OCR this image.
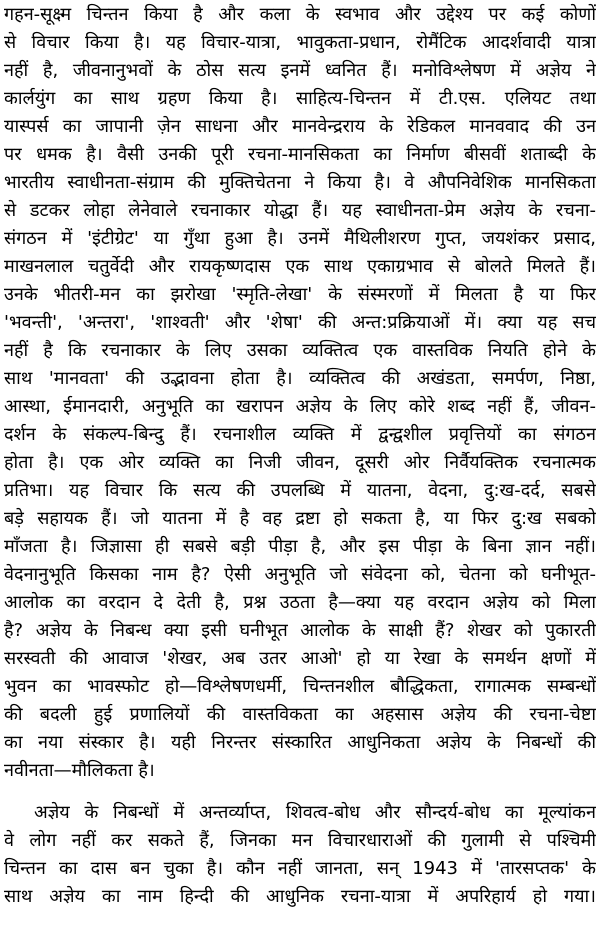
गहन-सूक्ष्म चिन्तन किया है और कला के स्वभाव और उद्देश्य पर कई कोणों
से विचार किया है। यह विचार-यात्रा, भावुकता-प्रधान, रोमैंटिक आदर्शवादी यात्रा
नहीं है, जीवनानुभवों के ठोस सत्य इनमें ध्वनित हैं। मनोविश्लेषण में अज्ञेय ने
कार्लयुंग का साथ ग्रहण किया है। साहित्य-चिन्तन में टी.एस. एलियट तथा
यास्पर्स का जापानी ज़ेन साधना और मानवेन्द्रराय के रेडिकल मानववाद की उन
पर धमक है। वैसी उनकी पूरी रचना-मानसिकता का निर्माण बीसवीं शताब्दी के
भारतीय स्वाधीनता-संग्राम की मुक्तिचेतना ने किया है। वे औपनिवेशिक मानसिकता
से डटकर लोहा लेनेवाले रचनाकार योद्धा हैं। यह स्वाधीनता-प्रेम अज्ञेय के रचना-
संगठन में 'इंटीग्रेट' या गुँथा हुआ है। उनमें मैथिलीशरण गुप्त, जयशंकर प्रसाद,
माखनलाल चतुर्वेदी और रायकृष्णदास एक साथ एकाग्रभाव से बोलते मिलते हैं।
उनके भीतरी-मन का झरोखा 'स्मृति-लेखा' के संस्मरणों में मिलता है या फिर
'भवन्ती', 'अन्तरा', 'शाश्वती' और 'शेषा' की अन्त:प्रक्रियाओं में। क्या यह सच
नहीं है कि रचनाकार के लिए उसका व्यक्तित्व एक वास्तविक नियति होने के
साथ 'मानवता' की उद्भावना होता है। व्यक्तित्व की अखंडता, समर्पण, निष्ठा,
आस्था, ईमानदारी, अनुभूति का खरापन अज्ञेय के लिए कोरे शब्द नहीं हैं, जीवन-
दर्शन के संकल्प-बिन्दु हैं। रचनाशील व्यक्ति में द्वन्द्वशील प्रवृत्तियों का संगठन
होता है। एक ओर व्यक्ति का निजी जीवन, दूसरी ओर निर्वैयक्तिक रचनात्मक
प्रतिभा। यह विचार कि सत्य की उपलब्धि में यातना, वेदना, दु:ख-दर्द, सबसे
बड़े सहायक हैं। जो यातना में है वह द्रष्टा हो सकता है, या फिर दु:ख सबको
माँजता है। जिज्ञासा ही सबसे बड़ी पीड़ा है, और इस पीड़ा के बिना ज्ञान नहीं।
वेदनानुभूति किसका नाम है? ऐसी अनुभूति जो संवेदना को, चेतना को घनीभूत-
आलोक का वरदान दे देती है, प्रश्न उठता है—क्या यह वरदान अज्ञेय को मिला
है? अज्ञेय के निबन्ध क्या इसी घनीभूत आलोक के साक्षी हैं? शेखर को पुकारती
सरस्वती की आवाज 'शेखर, अब उतर आओ' हो या रेखा के समर्थन क्षणों में
भुवन का भावस्फोट हो—विश्लेषणधर्मी, चिन्तनशील बौद्धिकता, रागात्मक सम्बन्धों
की बदली हुई प्रणालियों की वास्तविकता का अहसास अज्ञेय की रचना-चेष्टा
का नया संस्कार है। यही निरन्तर संस्कारित आधुनिकता अज्ञेय के निबन्धों की
नवीनता—मौलिकता है।
अज्ञेय के निबन्धों में अन्तर्व्याप्त, शिवत्व-बोध और सौन्दर्य-बोध का मूल्यांकन
वे लोग नहीं कर सकते हैं, जिनका मन विचारधाराओं की गुलामी से पश्चिमी
चिन्तन का दास बन चुका है। कौन नहीं जानता, सन् 1943 में 'तारसप्तक' के
साथ अज्ञेय का नाम हिन्दी की आधुनिक रचना-यात्रा में अपरिहार्य हो गया।
